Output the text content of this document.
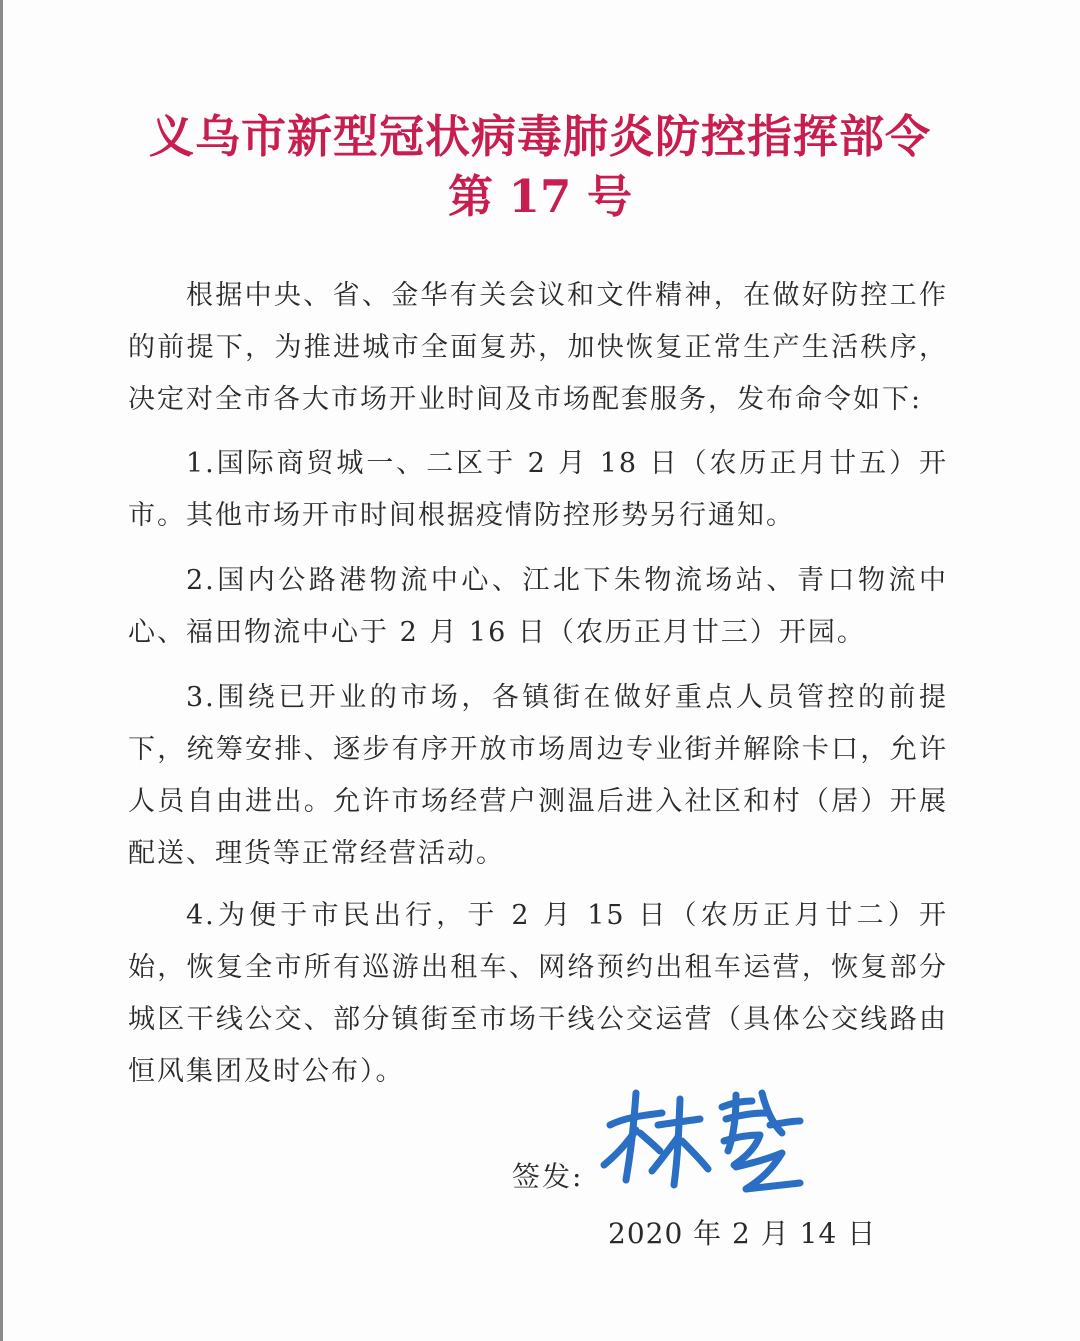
义乌市新型冠状病毒肺炎防控指挥部令
第 17 号

根据中央、省、金华有关会议和文件精神，在做好防控工作的前提下，为推进城市全面复苏，加快恢复正常生产生活秩序，决定对全市各大市场开业时间及市场配套服务，发布命令如下:

1.国际商贸城一、二区于 2 月 18 日（农历正月廿五）开市。其他市场开市时间根据疫情防控形势另行通知。

2.国内公路港物流中心、江北下朱物流场站、青口物流中心、福田物流中心于 2 月 16 日（农历正月廿三）开园。

3.围绕已开业的市场，各镇街在做好重点人员管控的前提下，统筹安排、逐步有序开放市场周边专业街并解除卡口，允许人员自由进出。允许市场经营户测温后进入社区和村（居）开展配送、理货等正常经营活动。

4.为便于市民出行，于 2 月 15 日（农历正月廿二）开始，恢复全市所有巡游出租车、网络预约出租车运营，恢复部分城区干线公交、部分镇街至市场干线公交运营（具体公交线路由恒风集团及时公布）。

签发:
2020 年 2 月 14 日
